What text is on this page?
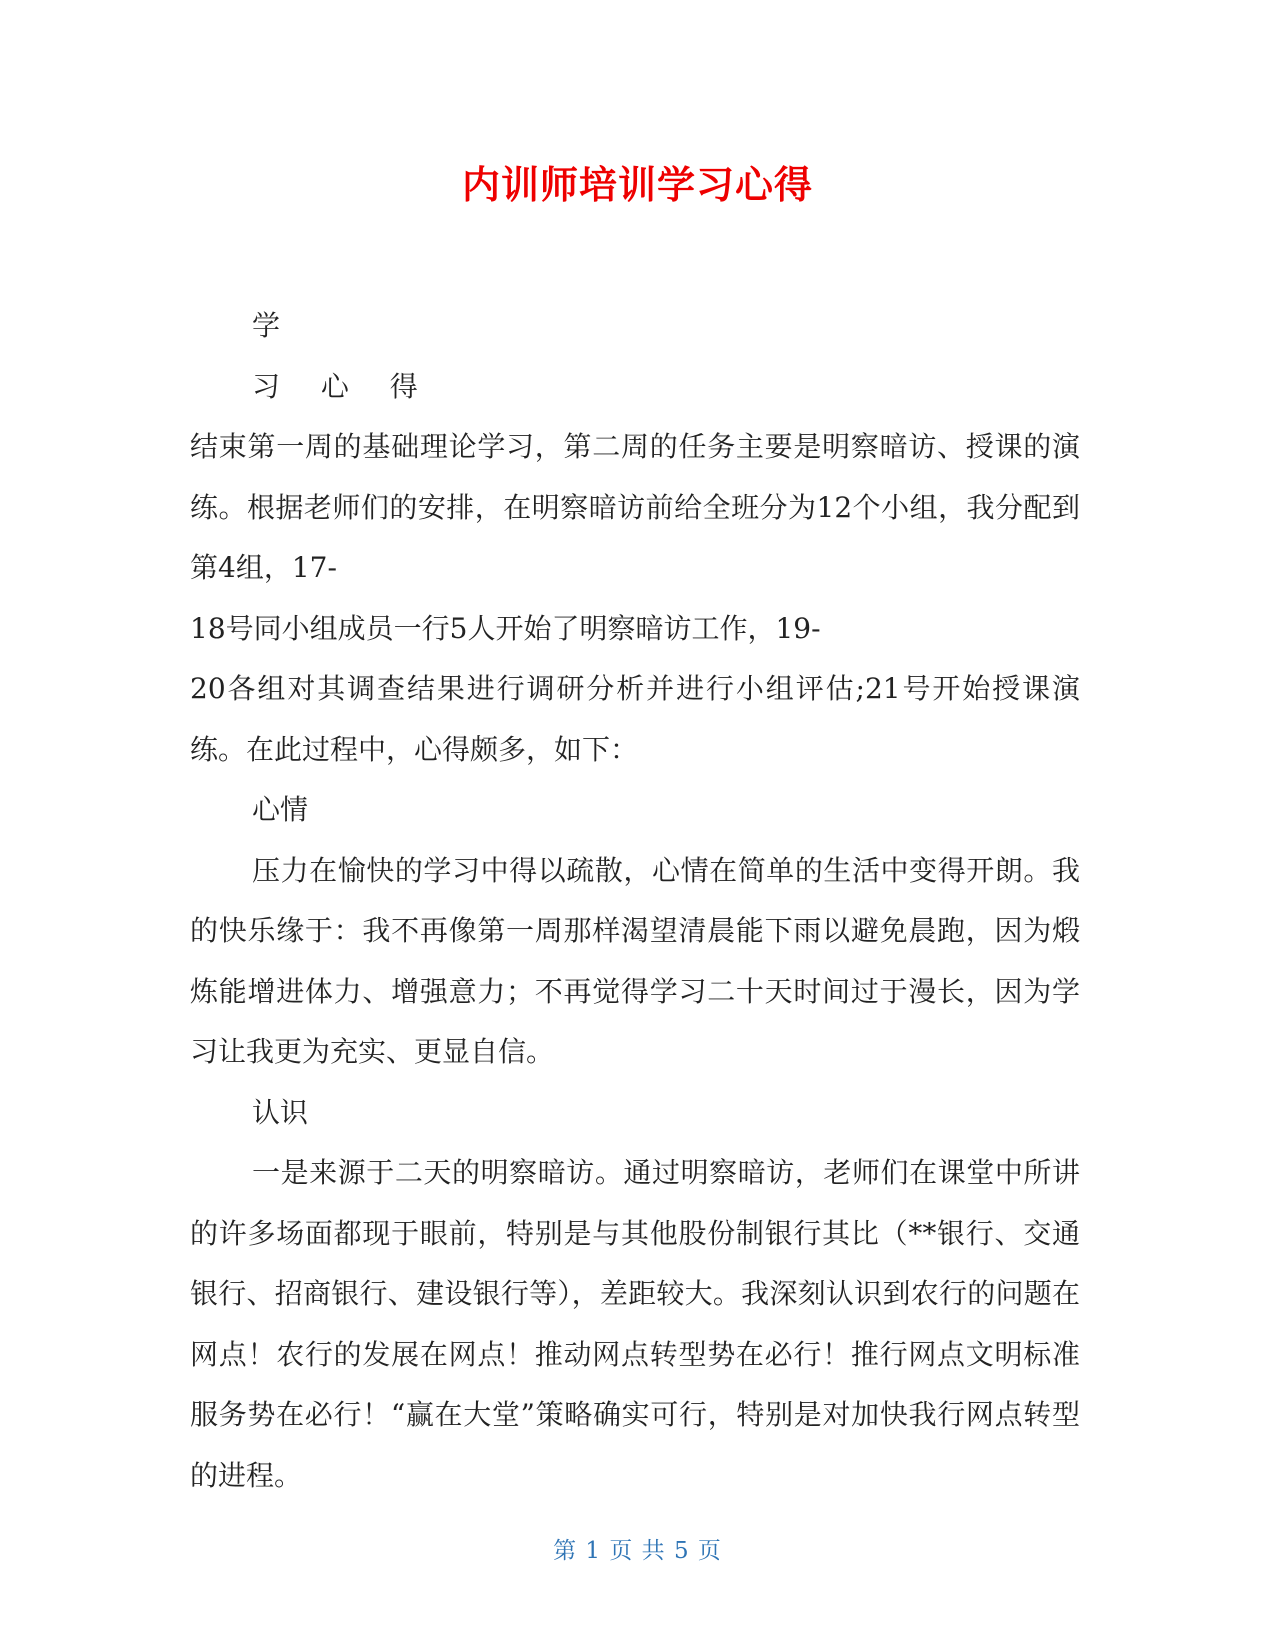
内训师培训学习心得

学

习 心 得

结束第一周的基础理论学习，第二周的任务主要是明察暗访、授课的演练。根据老师们的安排，在明察暗访前给全班分为12个小组，我分配到第4组，17-

18号同小组成员一行5人开始了明察暗访工作，19-

20各组对其调查结果进行调研分析并进行小组评估;21号开始授课演练。在此过程中，心得颇多，如下：

心情

压力在愉快的学习中得以疏散，心情在简单的生活中变得开朗。我的快乐缘于：我不再像第一周那样渴望清晨能下雨以避免晨跑，因为煅炼能增进体力、增强意力；不再觉得学习二十天时间过于漫长，因为学习让我更为充实、更显自信。

认识

一是来源于二天的明察暗访。通过明察暗访，老师们在课堂中所讲的许多场面都现于眼前，特别是与其他股份制银行其比（**银行、交通银行、招商银行、建设银行等），差距较大。我深刻认识到农行的问题在网点！农行的发展在网点！推动网点转型势在必行！推行网点文明标准服务势在必行！“赢在大堂”策略确实可行，特别是对加快我行网点转型的进程。

第 1 页 共 5 页
